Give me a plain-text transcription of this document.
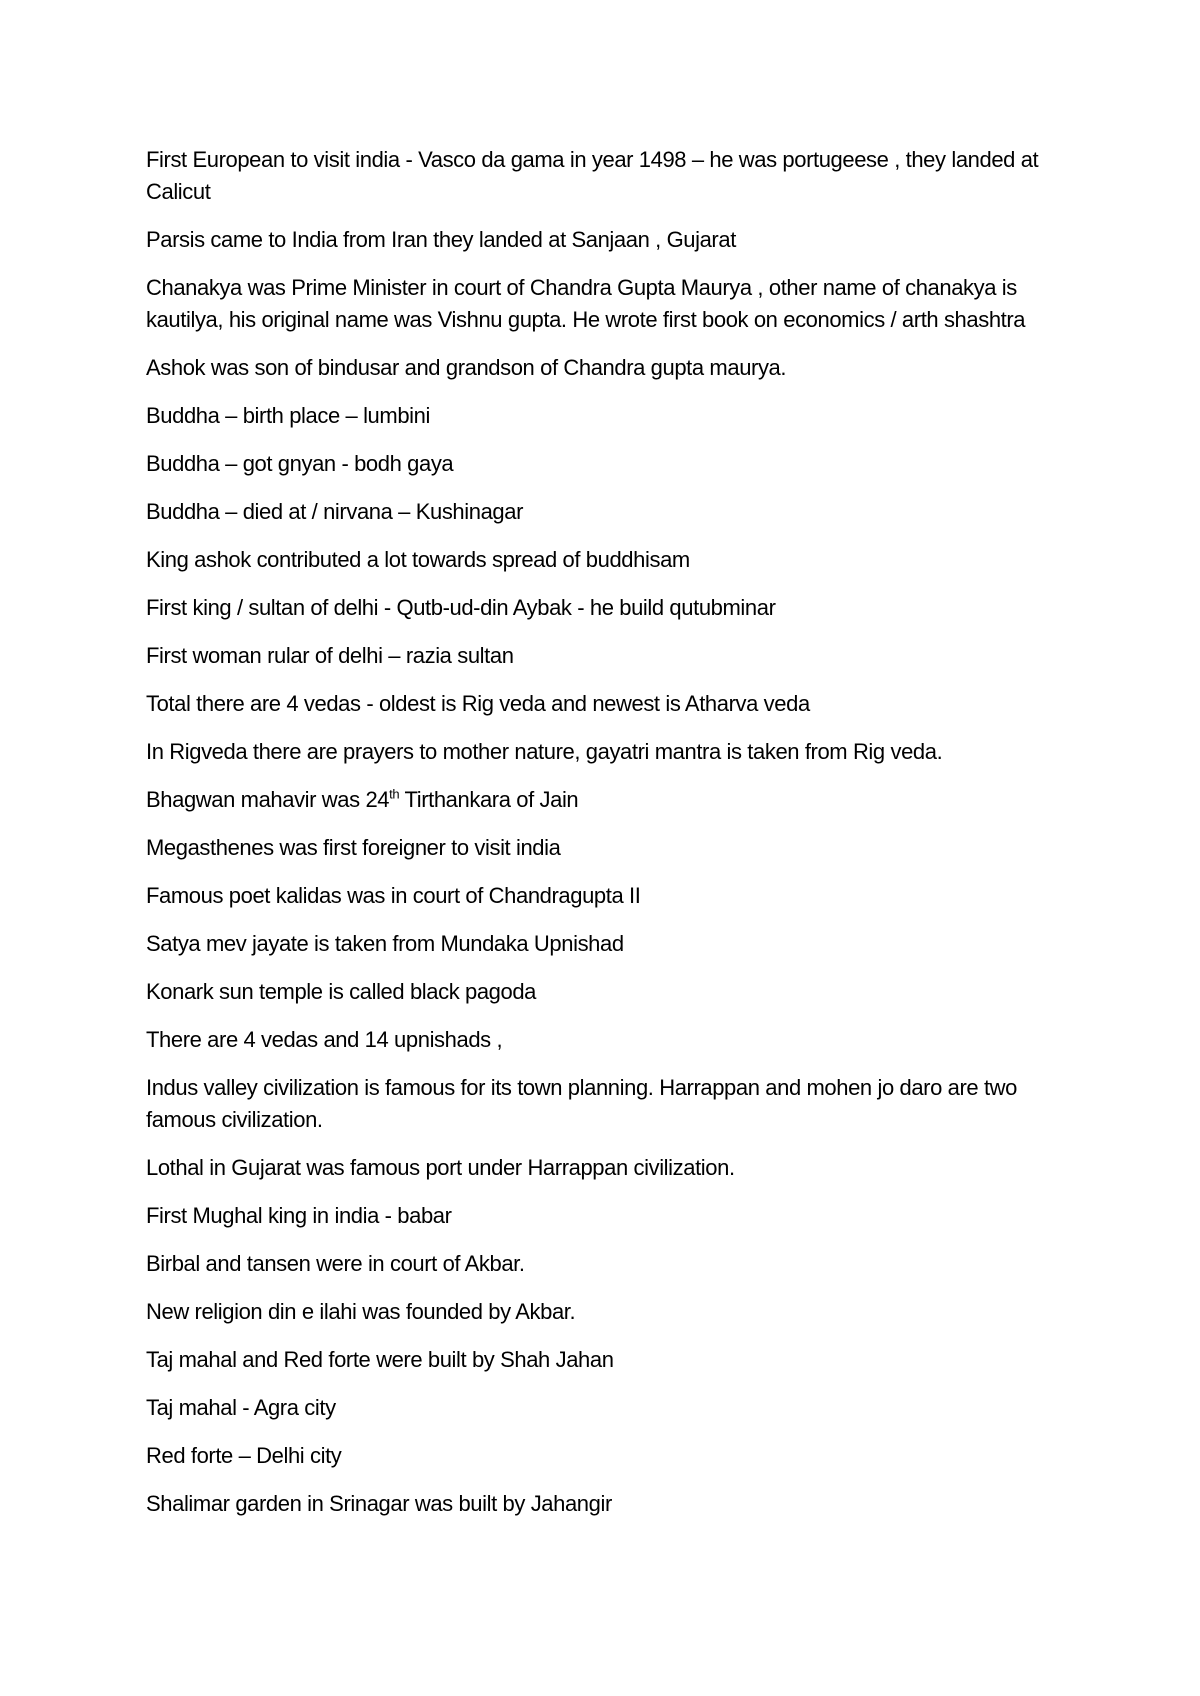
First European to visit india - Vasco da gama in year 1498 – he was portugeese , they landed at Calicut

Parsis came to India from Iran they landed at Sanjaan , Gujarat

Chanakya was Prime Minister in court of Chandra Gupta Maurya , other name of chanakya is kautilya, his original name was Vishnu gupta. He wrote first book on economics / arth shashtra

Ashok was son of bindusar and grandson of Chandra gupta maurya.

Buddha – birth place – lumbini

Buddha – got gnyan - bodh gaya

Buddha – died at / nirvana – Kushinagar

King ashok contributed a lot towards spread of buddhisam

First king / sultan of delhi - Qutb-ud-din Aybak - he build qutubminar

First woman rular of delhi – razia sultan

Total there are 4 vedas - oldest is Rig veda and newest is Atharva veda

In Rigveda there are prayers to mother nature, gayatri mantra is taken from Rig veda.

Bhagwan mahavir was 24th Tirthankara of Jain

Megasthenes was first foreigner to visit india

Famous poet kalidas was in court of Chandragupta II

Satya mev jayate is taken from Mundaka Upnishad

Konark sun temple is called black pagoda

There are 4 vedas and 14 upnishads ,

Indus valley civilization is famous for its town planning. Harrappan and mohen jo daro are two famous civilization.

Lothal in Gujarat was famous port under Harrappan civilization.

First Mughal king in india - babar

Birbal and tansen were in court of Akbar.

New religion din e ilahi was founded by Akbar.

Taj mahal and Red forte were built by Shah Jahan

Taj mahal - Agra city

Red forte – Delhi city

Shalimar garden in Srinagar was built by Jahangir
